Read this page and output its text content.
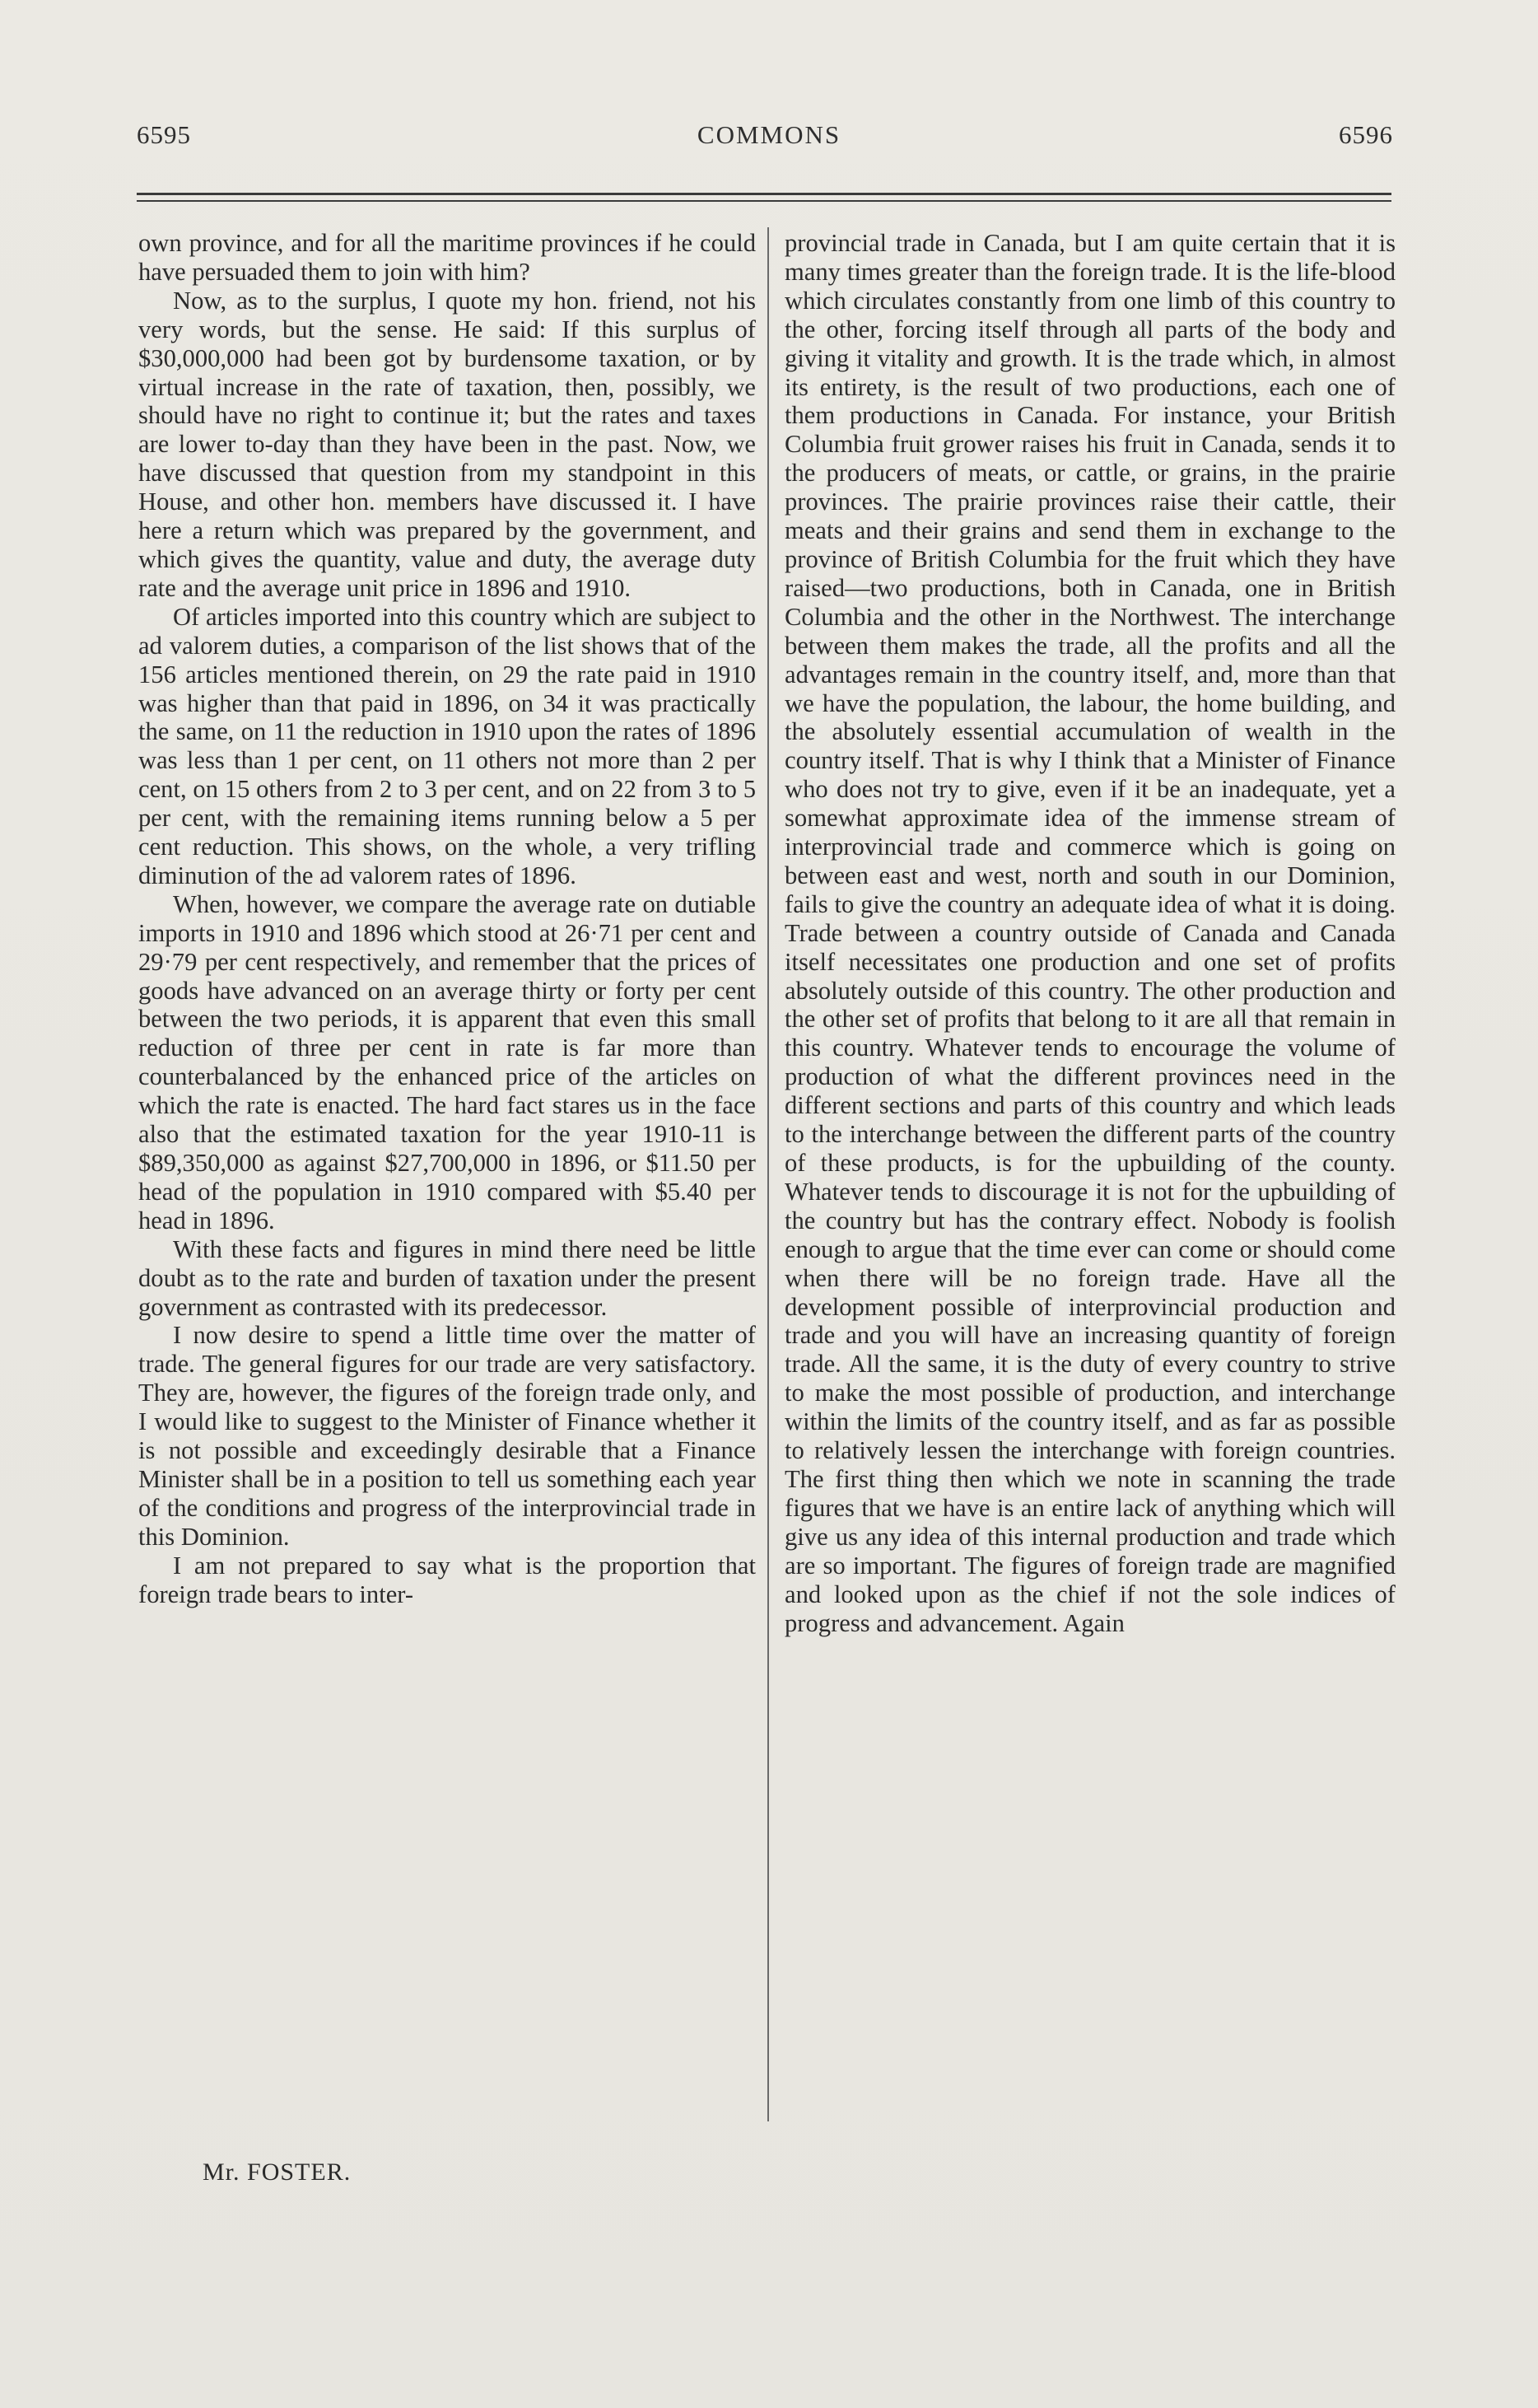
6595	COMMONS	6596

own province, and for all the maritime provinces if he could have persuaded them to join with him?

Now, as to the surplus, I quote my hon. friend, not his very words, but the sense. He said: If this surplus of $30,000,000 had been got by burdensome taxation, or by virtual increase in the rate of taxation, then, possibly, we should have no right to continue it; but the rates and taxes are lower to-day than they have been in the past. Now, we have discussed that question from my standpoint in this House, and other hon. members have discussed it. I have here a return which was prepared by the government, and which gives the quantity, value and duty, the average duty rate and the average unit price in 1896 and 1910.

Of articles imported into this country which are subject to ad valorem duties, a comparison of the list shows that of the 156 articles mentioned therein, on 29 the rate paid in 1910 was higher than that paid in 1896, on 34 it was practically the same, on 11 the reduction in 1910 upon the rates of 1896 was less than 1 per cent, on 11 others not more than 2 per cent, on 15 others from 2 to 3 per cent, and on 22 from 3 to 5 per cent, with the remaining items running below a 5 per cent reduction. This shows, on the whole, a very trifling diminution of the ad valorem rates of 1896.

When, however, we compare the average rate on dutiable imports in 1910 and 1896 which stood at 26·71 per cent and 29·79 per cent respectively, and remember that the prices of goods have advanced on an average thirty or forty per cent between the two periods, it is apparent that even this small reduction of three per cent in rate is far more than counterbalanced by the enhanced price of the articles on which the rate is enacted. The hard fact stares us in the face also that the estimated taxation for the year 1910-11 is $89,350,000 as against $27,700,000 in 1896, or $11.50 per head of the population in 1910 compared with $5.40 per head in 1896.

With these facts and figures in mind there need be little doubt as to the rate and burden of taxation under the present government as contrasted with its predecessor.

I now desire to spend a little time over the matter of trade. The general figures for our trade are very satisfactory. They are, however, the figures of the foreign trade only, and I would like to suggest to the Minister of Finance whether it is not possible and exceedingly desirable that a Finance Minister shall be in a position to tell us something each year of the conditions and progress of the interprovincial trade in this Dominion.

I am not prepared to say what is the proportion that foreign trade bears to inter-

provincial trade in Canada, but I am quite certain that it is many times greater than the foreign trade. It is the life-blood which circulates constantly from one limb of this country to the other, forcing itself through all parts of the body and giving it vitality and growth. It is the trade which, in almost its entirety, is the result of two productions, each one of them productions in Canada. For instance, your British Columbia fruit grower raises his fruit in Canada, sends it to the producers of meats, or cattle, or grains, in the prairie provinces. The prairie provinces raise their cattle, their meats and their grains and send them in exchange to the province of British Columbia for the fruit which they have raised—two productions, both in Canada, one in British Columbia and the other in the Northwest. The interchange between them makes the trade, all the profits and all the advantages remain in the country itself, and, more than that we have the population, the labour, the home building, and the absolutely essential accumulation of wealth in the country itself. That is why I think that a Minister of Finance who does not try to give, even if it be an inadequate, yet a somewhat approximate idea of the immense stream of interprovincial trade and commerce which is going on between east and west, north and south in our Dominion, fails to give the country an adequate idea of what it is doing. Trade between a country outside of Canada and Canada itself necessitates one production and one set of profits absolutely outside of this country. The other production and the other set of profits that belong to it are all that remain in this country. Whatever tends to encourage the volume of production of what the different provinces need in the different sections and parts of this country and which leads to the interchange between the different parts of the country of these products, is for the upbuilding of the county. Whatever tends to discourage it is not for the upbuilding of the country but has the contrary effect. Nobody is foolish enough to argue that the time ever can come or should come when there will be no foreign trade. Have all the development possible of interprovincial production and trade and you will have an increasing quantity of foreign trade. All the same, it is the duty of every country to strive to make the most possible of production, and interchange within the limits of the country itself, and as far as possible to relatively lessen the interchange with foreign countries. The first thing then which we note in scanning the trade figures that we have is an entire lack of anything which will give us any idea of this internal production and trade which are so important. The figures of foreign trade are magnified and looked upon as the chief if not the sole indices of progress and advancement. Again

Mr. FOSTER.
